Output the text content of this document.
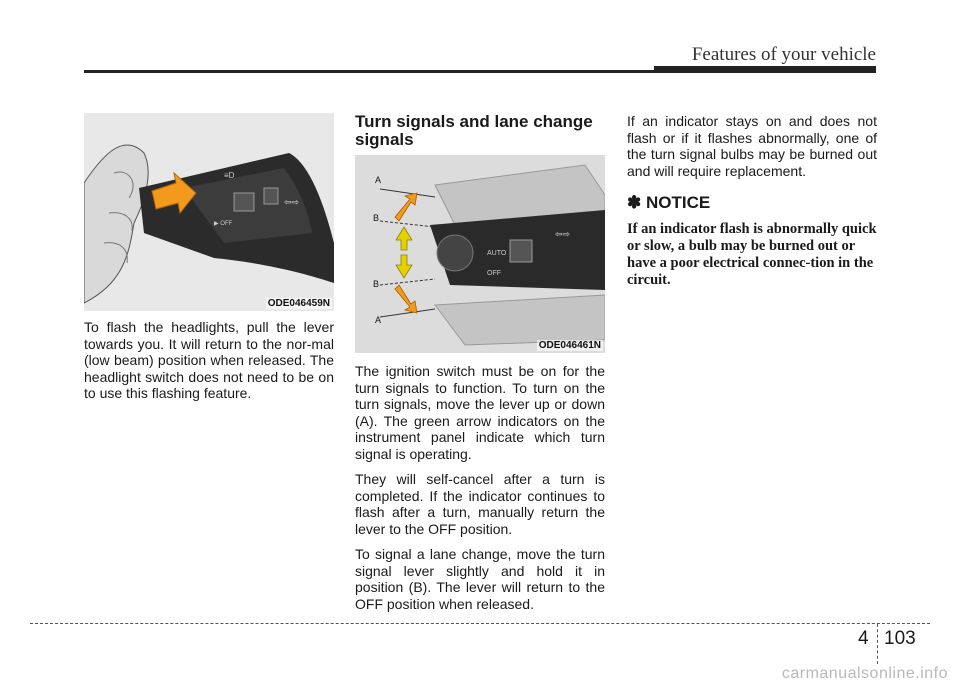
Features of your vehicle
≡D
⇦⇨
▶ OFF
ODE046459N

To flash the headlights, pull the lever towards you. It will return to the nor-mal (low beam) position when released. The headlight switch does not need to be on to use this flashing feature.

Turn signals and lane change signals
AUTO
OFF
⇦⇨
A
B
B
A
ODE046461N

The ignition switch must be on for the turn signals to function. To turn on the turn signals, move the lever up or down (A). The green arrow indicators on the instrument panel indicate which turn signal is operating.

They will self-cancel after a turn is completed. If the indicator continues to flash after a turn, manually return the lever to the OFF position.

To signal a lane change, move the turn signal lever slightly and hold it in position (B). The lever will return to the OFF position when released.

If an indicator stays on and does not flash or if it flashes abnormally, one of the turn signal bulbs may be burned out and will require replacement.

✽ NOTICE
If an indicator flash is abnormally quick or slow, a bulb may be burned out or have a poor electrical connec-tion in the circuit.
4 103
carmanualsonline.info
